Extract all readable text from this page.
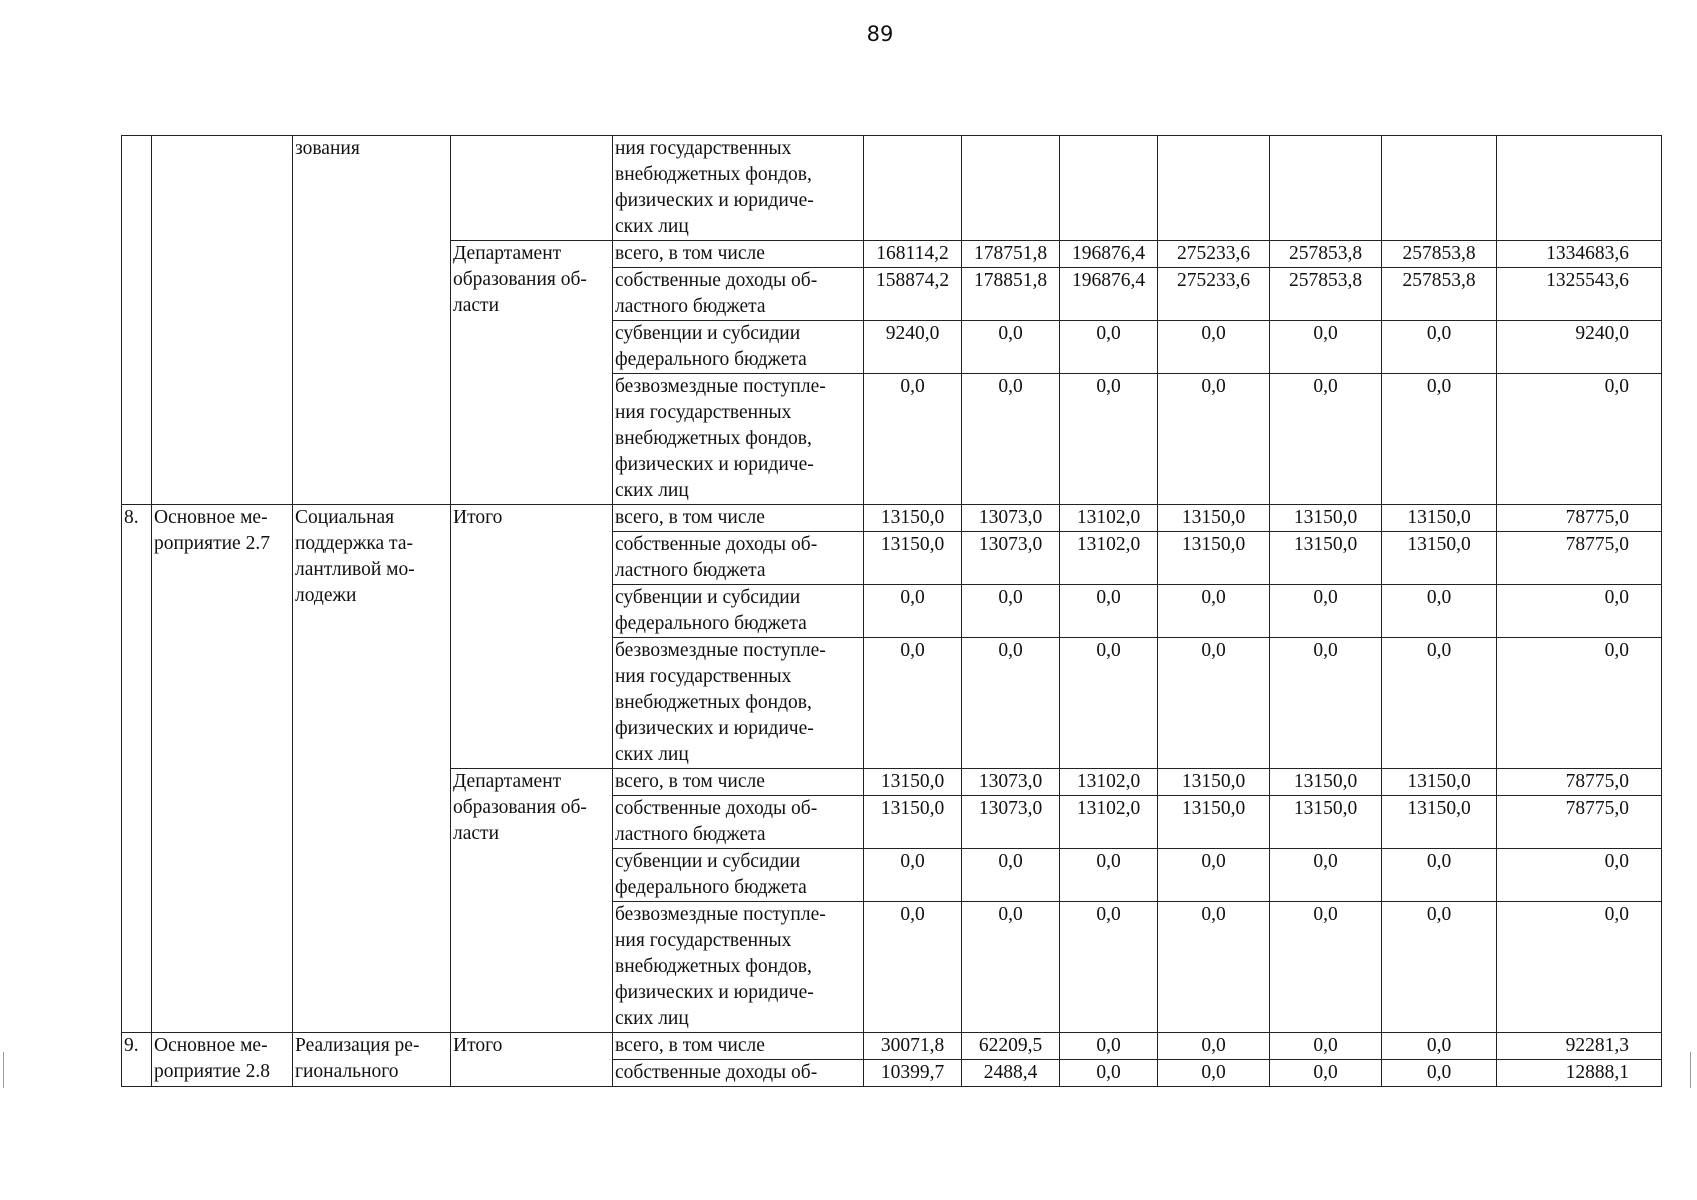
89
		зования		ния государственных
внебюджетных фондов,
физических и юридиче-
ских лиц							
			Департамент
образования об-
ласти	всего, в том числе	168114,2	178751,8	196876,4	275233,6	257853,8	257853,8	1334683,6
				собственные доходы об-
ластного бюджета	158874,2	178851,8	196876,4	275233,6	257853,8	257853,8	1325543,6
				субвенции и субсидии
федерального бюджета	9240,0	0,0	0,0	0,0	0,0	0,0	9240,0
				безвозмездные поступле-
ния государственных
внебюджетных фондов,
физических и юридиче-
ских лиц	0,0	0,0	0,0	0,0	0,0	0,0	0,0
8.	Основное ме-
роприятие 2.7	Социальная
поддержка та-
лантливой мо-
лодежи	Итого	всего, в том числе	13150,0	13073,0	13102,0	13150,0	13150,0	13150,0	78775,0
				собственные доходы об-
ластного бюджета	13150,0	13073,0	13102,0	13150,0	13150,0	13150,0	78775,0
				субвенции и субсидии
федерального бюджета	0,0	0,0	0,0	0,0	0,0	0,0	0,0
				безвозмездные поступле-
ния государственных
внебюджетных фондов,
физических и юридиче-
ских лиц	0,0	0,0	0,0	0,0	0,0	0,0	0,0
			Департамент
образования об-
ласти	всего, в том числе	13150,0	13073,0	13102,0	13150,0	13150,0	13150,0	78775,0
				собственные доходы об-
ластного бюджета	13150,0	13073,0	13102,0	13150,0	13150,0	13150,0	78775,0
				субвенции и субсидии
федерального бюджета	0,0	0,0	0,0	0,0	0,0	0,0	0,0
				безвозмездные поступле-
ния государственных
внебюджетных фондов,
физических и юридиче-
ских лиц	0,0	0,0	0,0	0,0	0,0	0,0	0,0
9.	Основное ме-
роприятие 2.8	Реализация ре-
гионального	Итого	всего, в том числе	30071,8	62209,5	0,0	0,0	0,0	0,0	92281,3
				собственные доходы об-	10399,7	2488,4	0,0	0,0	0,0	0,0	12888,1
